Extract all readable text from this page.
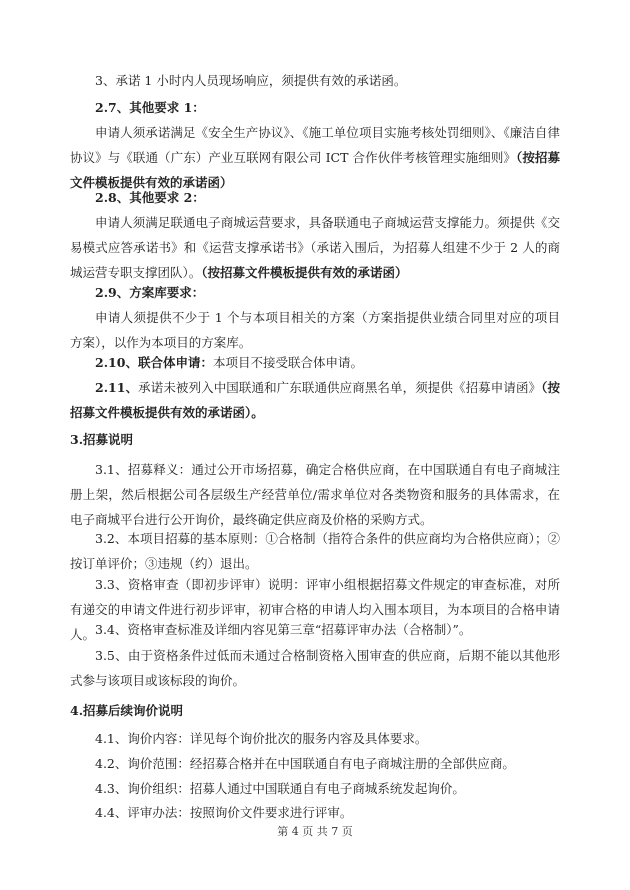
3、承诺 1 小时内人员现场响应，须提供有效的承诺函。

2.7、其他要求 1：

申请人须承诺满足《安全生产协议》、《施工单位项目实施考核处罚细则》、《廉洁自律协议》与《联通（广东）产业互联网有限公司 ICT 合作伙伴考核管理实施细则》（按招募文件模板提供有效的承诺函）

2.8、其他要求 2：

申请人须满足联通电子商城运营要求，具备联通电子商城运营支撑能力。须提供《交易模式应答承诺书》和《运营支撑承诺书》（承诺入围后，为招募人组建不少于 2 人的商城运营专职支撑团队）。（按招募文件模板提供有效的承诺函）

2.9、方案库要求：

申请人须提供不少于 1 个与本项目相关的方案（方案指提供业绩合同里对应的项目方案），以作为本项目的方案库。

2.10、联合体申请：本项目不接受联合体申请。

2.11、承诺未被列入中国联通和广东联通供应商黑名单，须提供《招募申请函》（按招募文件模板提供有效的承诺函）。

3.招募说明

3.1、招募释义：通过公开市场招募，确定合格供应商，在中国联通自有电子商城注册上架，然后根据公司各层级生产经营单位/需求单位对各类物资和服务的具体需求，在电子商城平台进行公开询价，最终确定供应商及价格的采购方式。

3.2、本项目招募的基本原则：①合格制（指符合条件的供应商均为合格供应商）；②按订单评价；③违规（约）退出。

3.3、资格审查（即初步评审）说明：评审小组根据招募文件规定的审查标准，对所有递交的申请文件进行初步评审，初审合格的申请人均入围本项目，为本项目的合格申请人。 3.4、资格审查标准及详细内容见第三章“招募评审办法（合格制）”。

3.5、由于资格条件过低而未通过合格制资格入围审查的供应商，后期不能以其他形式参与该项目或该标段的询价。

4.招募后续询价说明

4.1、询价内容：详见每个询价批次的服务内容及具体要求。

4.2、询价范围：经招募合格并在中国联通自有电子商城注册的全部供应商。

4.3、询价组织：招募人通过中国联通自有电子商城系统发起询价。

4.4、评审办法：按照询价文件要求进行评审。

第 4 页 共 7 页
